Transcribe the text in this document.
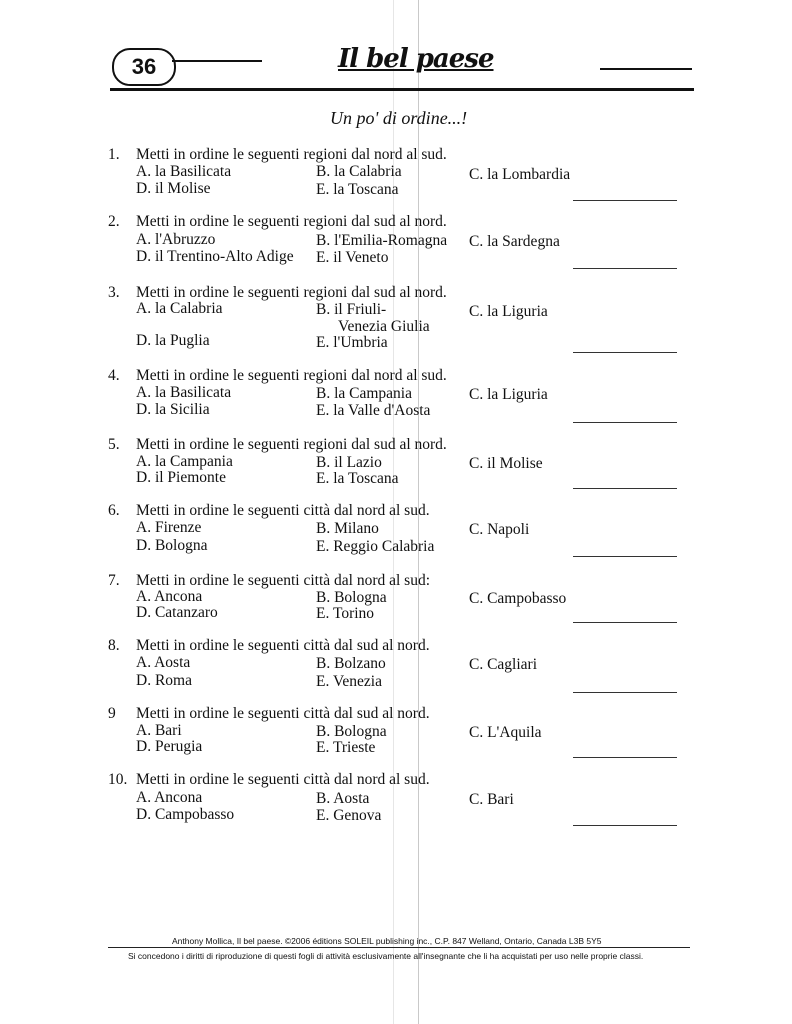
36	Il bel paese
Un po' di ordine...!
1. Metti in ordine le seguenti regioni dal nord al sud.
A. la Basilicata	B. la Calabria	C. la Lombardia
D. il Molise	E. la Toscana
2. Metti in ordine le seguenti regioni dal sud al nord.
A. l'Abruzzo	B. l'Emilia-Romagna C. la Sardegna
D. il Trentino-Alto Adige E. il Veneto
3. Metti in ordine le seguenti regioni dal sud al nord.
A. la Calabria	B. il Friuli-
Venezia Giulia
C. la Liguria
D. la Puglia	E. l'Umbria
4. Metti in ordine le seguenti regioni dal nord al sud.
A. la Basilicata	B. la Campania	C. la Liguria
D. la Sicilia	E. la Valle d'Aosta
5. Metti in ordine le seguenti regioni dal sud al nord.
A. la Campania	B. il Lazio	C. il Molise
D. il Piemonte	E. la Toscana
6. Metti in ordine le seguenti città dal nord al sud.
A. Firenze	B. Milano	C. Napoli
D. Bologna	E. Reggio Calabria
7. Metti in ordine le seguenti città dal nord al sud:
A. Ancona	B. Bologna	C. Campobasso
D. Catanzaro	E. Torino
8. Metti in ordine le seguenti città dal sud al nord.
A. Aosta	B. Bolzano	C. Cagliari
D. Roma	E. Venezia
9 Metti in ordine le seguenti città dal sud al nord.
A. Bari	B. Bologna	C. L'Aquila
D. Perugia	E. Trieste
10. Metti in ordine le seguenti città dal nord al sud.
A. Ancona	B. Aosta	C. Bari
D. Campobasso	E. Genova
Anthony Mollica, Il bel paese. ©2006 éditions SOLEIL publishing inc., C.P. 847 Welland, Ontario, Canada L3B 5Y5
Si concedono i diritti di riproduzione di questi fogli di attività esclusivamente all'insegnante che li ha acquistati per uso nelle proprie classi.
